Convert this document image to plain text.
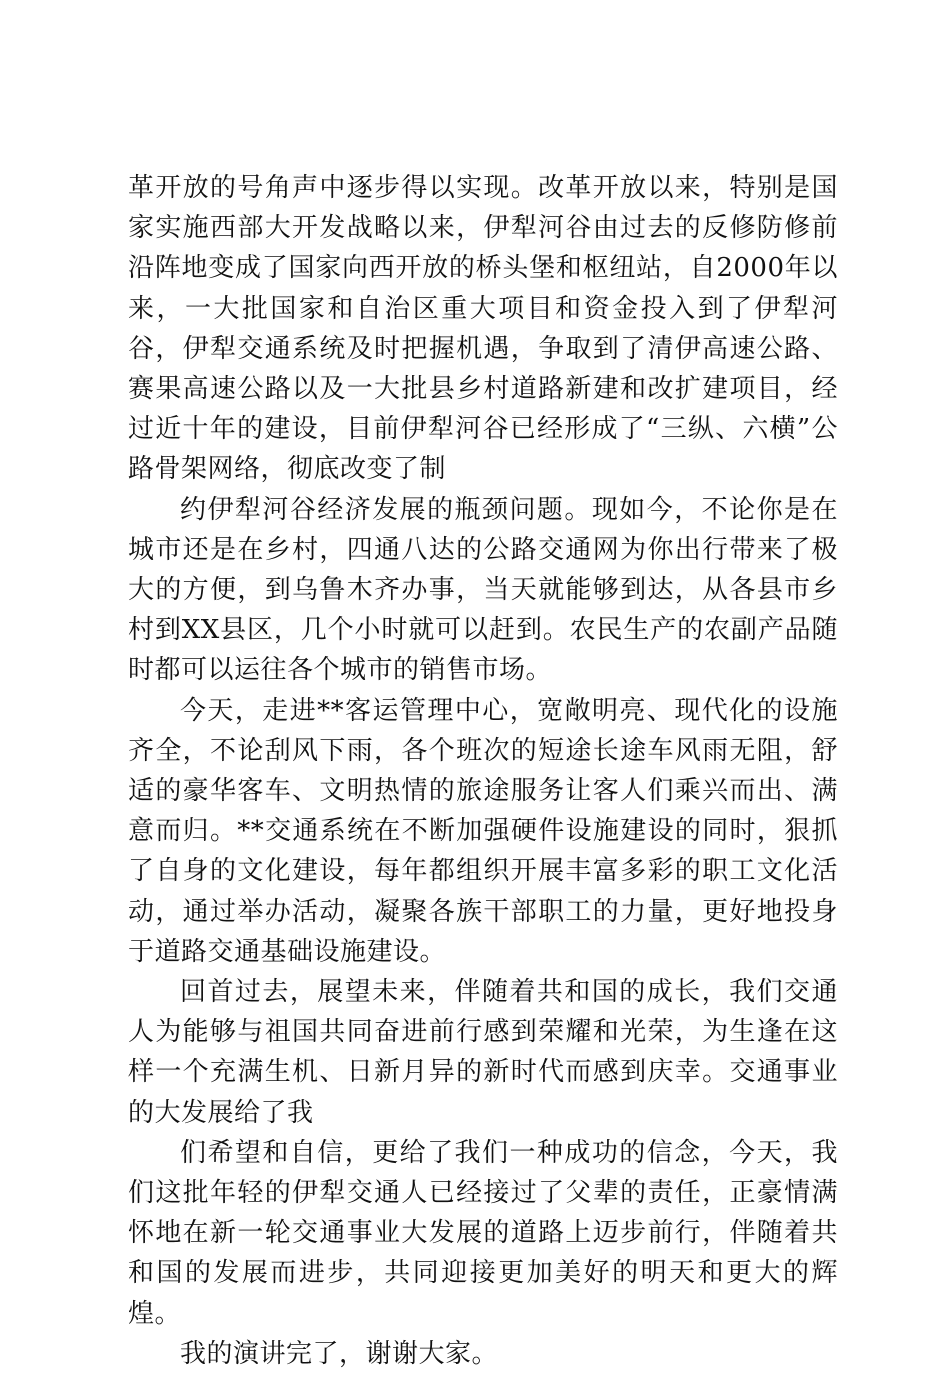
革开放的号角声中逐步得以实现。改革开放以来，特别是国家实施西部大开发战略以来，伊犁河谷由过去的反修防修前沿阵地变成了国家向西开放的桥头堡和枢纽站，自2000年以来，一大批国家和自治区重大项目和资金投入到了伊犁河谷，伊犁交通系统及时把握机遇，争取到了清伊高速公路、赛果高速公路以及一大批县乡村道路新建和改扩建项目，经过近十年的建设，目前伊犁河谷已经形成了“三纵、六横”公路骨架网络，彻底改变了制

约伊犁河谷经济发展的瓶颈问题。现如今，不论你是在城市还是在乡村，四通八达的公路交通网为你出行带来了极大的方便，到乌鲁木齐办事，当天就能够到达，从各县市乡村到XX县区，几个小时就可以赶到。农民生产的农副产品随时都可以运往各个城市的销售市场。

今天，走进**客运管理中心，宽敞明亮、现代化的设施齐全，不论刮风下雨，各个班次的短途长途车风雨无阻，舒适的豪华客车、文明热情的旅途服务让客人们乘兴而出、满意而归。**交通系统在不断加强硬件设施建设的同时，狠抓了自身的文化建设，每年都组织开展丰富多彩的职工文化活动，通过举办活动，凝聚各族干部职工的力量，更好地投身于道路交通基础设施建设。

回首过去，展望未来，伴随着共和国的成长，我们交通人为能够与祖国共同奋进前行感到荣耀和光荣，为生逢在这样一个充满生机、日新月异的新时代而感到庆幸。交通事业的大发展给了我

们希望和自信，更给了我们一种成功的信念，今天，我们这批年轻的伊犁交通人已经接过了父辈的责任，正豪情满怀地在新一轮交通事业大发展的道路上迈步前行，伴随着共和国的发展而进步，共同迎接更加美好的明天和更大的辉煌。

我的演讲完了，谢谢大家。
